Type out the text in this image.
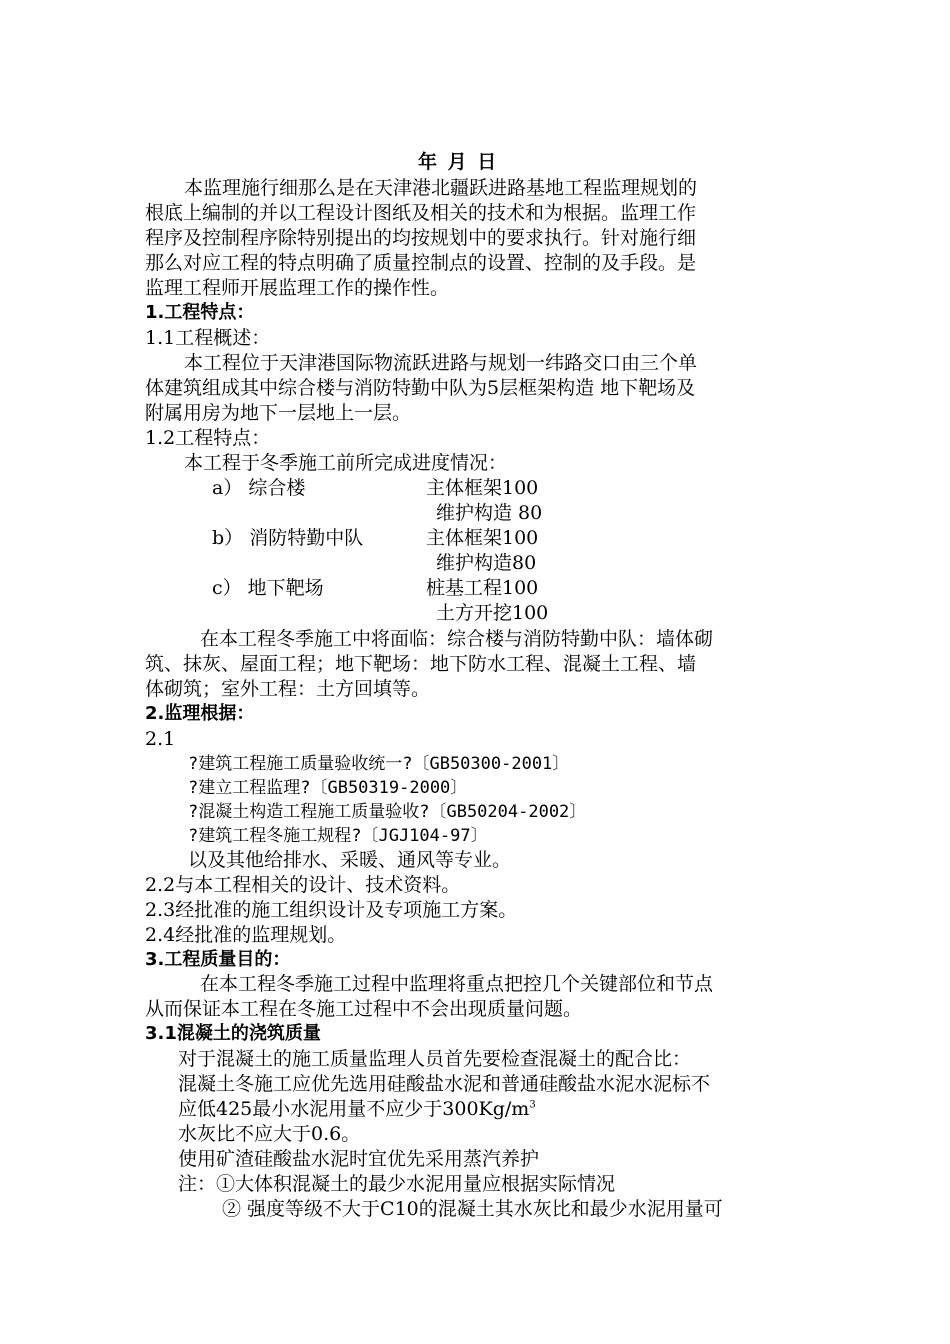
年 月 日

本监理施行细那么是在天津港北疆跃进路基地工程监理规划的

根底上编制的并以工程设计图纸及相关的技术和为根据。监理工作

程序及控制程序除特别提出的均按规划中的要求执行。针对施行细

那么对应工程的特点明确了质量控制点的设置、控制的及手段。是

监理工程师开展监理工作的操作性。

1.工程特点：

1.1工程概述：

本工程位于天津港国际物流跃进路与规划一纬路交口由三个单

体建筑组成其中综合楼与消防特勤中队为5层框架构造 地下靶场及

附属用房为地下一层地上一层。

1.2工程特点：

本工程于冬季施工前所完成进度情况：

a） 综合楼	主体框架100

维护构造 80

b） 消防特勤中队	主体框架100

维护构造80

c） 地下靶场	桩基工程100

土方开挖100

在本工程冬季施工中将面临：综合楼与消防特勤中队：墙体砌

筑、抹灰、屋面工程；地下靶场：地下防水工程、混凝土工程、墙

体砌筑；室外工程：土方回填等。

2.监理根据：

2.1

?建筑工程施工质量验收统一?〔GB50300-2001〕

?建立工程监理?〔GB50319-2000〕

?混凝土构造工程施工质量验收?〔GB50204-2002〕

?建筑工程冬施工规程?〔JGJ104-97〕

以及其他给排水、采暖、通风等专业。

2.2与本工程相关的设计、技术资料。

2.3经批准的施工组织设计及专项施工方案。

2.4经批准的监理规划。

3.工程质量目的：

在本工程冬季施工过程中监理将重点把控几个关键部位和节点

从而保证本工程在冬施工过程中不会出现质量问题。

3.1混凝土的浇筑质量

对于混凝土的施工质量监理人员首先要检查混凝土的配合比：

混凝土冬施工应优先选用硅酸盐水泥和普通硅酸盐水泥水泥标不

应低425最小水泥用量不应少于$300Kg/m^3$

水灰比不应大于0.6。

使用矿渣硅酸盐水泥时宜优先采用蒸汽养护

注：①大体积混凝土的最少水泥用量应根据实际情况

② 强度等级不大于C10的混凝土其水灰比和最少水泥用量可
